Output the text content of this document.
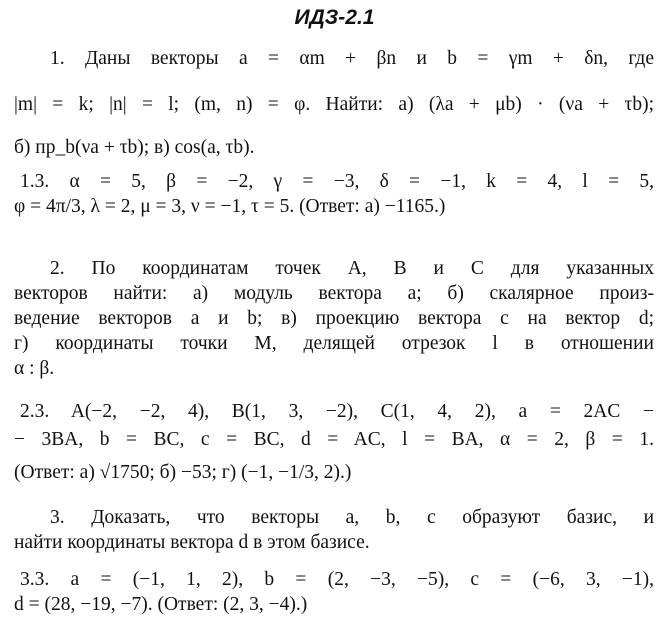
ИДЗ-2.1
1. Даны векторы a = αm + βn и b = γm + δn, где
|m| = k; |n| = l; (m, n) = φ. Найти: а) (λa + μb) · (νa + τb);
б) пр_b(νa + τb); в) cos(a, τb).
1.3. α = 5, β = −2, γ = −3, δ = −1, k = 4, l = 5,
φ = 4π/3, λ = 2, μ = 3, ν = −1, τ = 5. (Ответ: а) −1165.)
2. По координатам точек A, B и C для указанных
векторов найти: а) модуль вектора a; б) скалярное произ-
ведение векторов a и b; в) проекцию вектора c на вектор d;
г) координаты точки M, делящей отрезок l в отношении
α : β.
2.3. A(−2, −2, 4), B(1, 3, −2), C(1, 4, 2), a = 2AC −
− 3BA, b = BC, c = BC, d = AC, l = BA, α = 2, β = 1.
(Ответ: а) √1750; б) −53; г) (−1, −1/3, 2).)
3. Доказать, что векторы a, b, c образуют базис, и
найти координаты вектора d в этом базисе.
3.3. a = (−1, 1, 2), b = (2, −3, −5), c = (−6, 3, −1),
d = (28, −19, −7). (Ответ: (2, 3, −4).)
